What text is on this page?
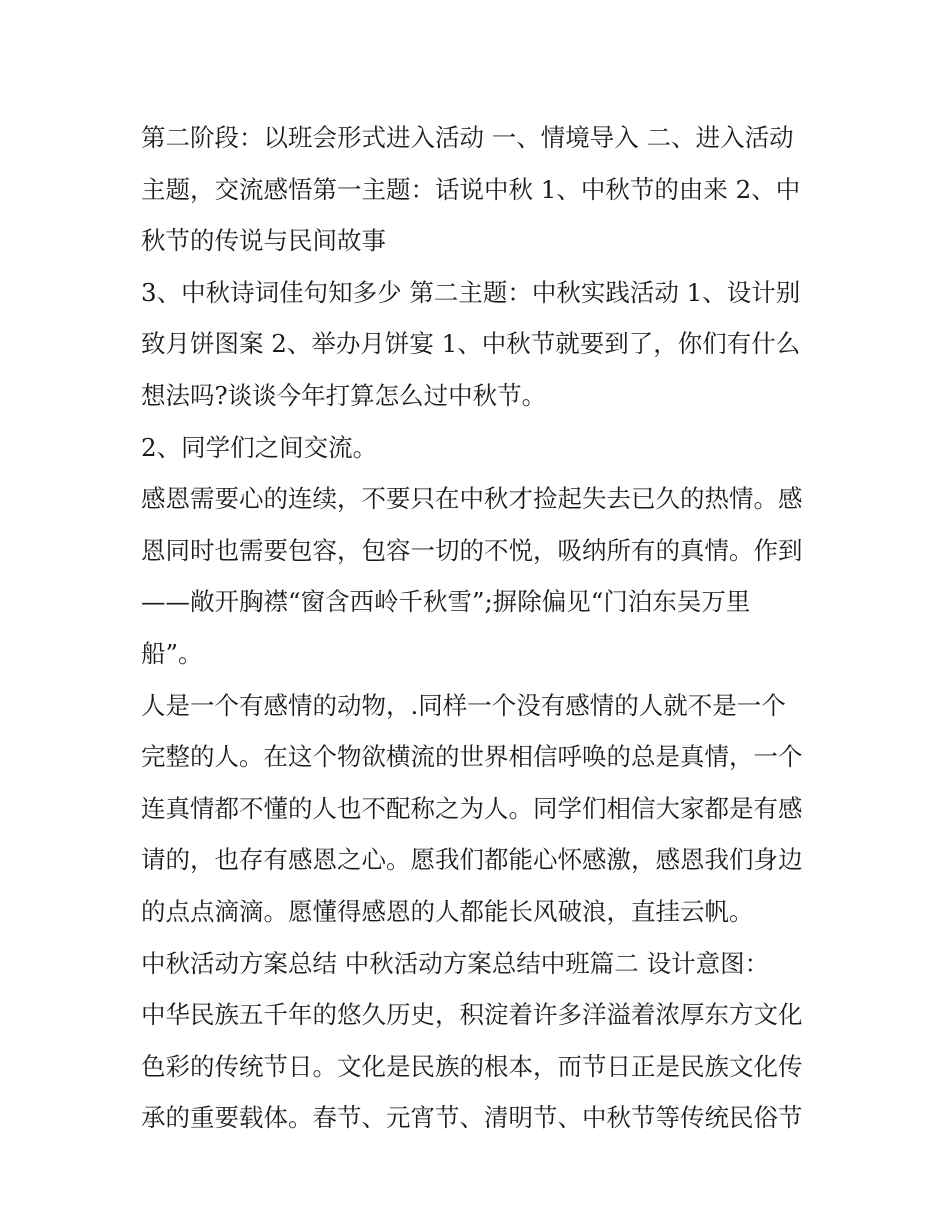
第二阶段：以班会形式进入活动 一、情境导入 二、进入活动
主题，交流感悟第一主题：话说中秋 1、中秋节的由来 2、中
秋节的传说与民间故事
3、中秋诗词佳句知多少 第二主题：中秋实践活动 1、设计别
致月饼图案 2、举办月饼宴 1、中秋节就要到了，你们有什么
想法吗?谈谈今年打算怎么过中秋节。
2、同学们之间交流。
感恩需要心的连续，不要只在中秋才捡起失去已久的热情。感
恩同时也需要包容，包容一切的不悦，吸纳所有的真情。作到
——敞开胸襟“窗含西岭千秋雪”;摒除偏见“门泊东吴万里
船”。
人是一个有感情的动物，.同样一个没有感情的人就不是一个
完整的人。在这个物欲横流的世界相信呼唤的总是真情，一个
连真情都不懂的人也不配称之为人。同学们相信大家都是有感
请的，也存有感恩之心。愿我们都能心怀感激，感恩我们身边
的点点滴滴。愿懂得感恩的人都能长风破浪，直挂云帆。
中秋活动方案总结 中秋活动方案总结中班篇二 设计意图：
中华民族五千年的悠久历史，积淀着许多洋溢着浓厚东方文化
色彩的传统节日。文化是民族的根本，而节日正是民族文化传
承的重要载体。春节、元宵节、清明节、中秋节等传统民俗节
